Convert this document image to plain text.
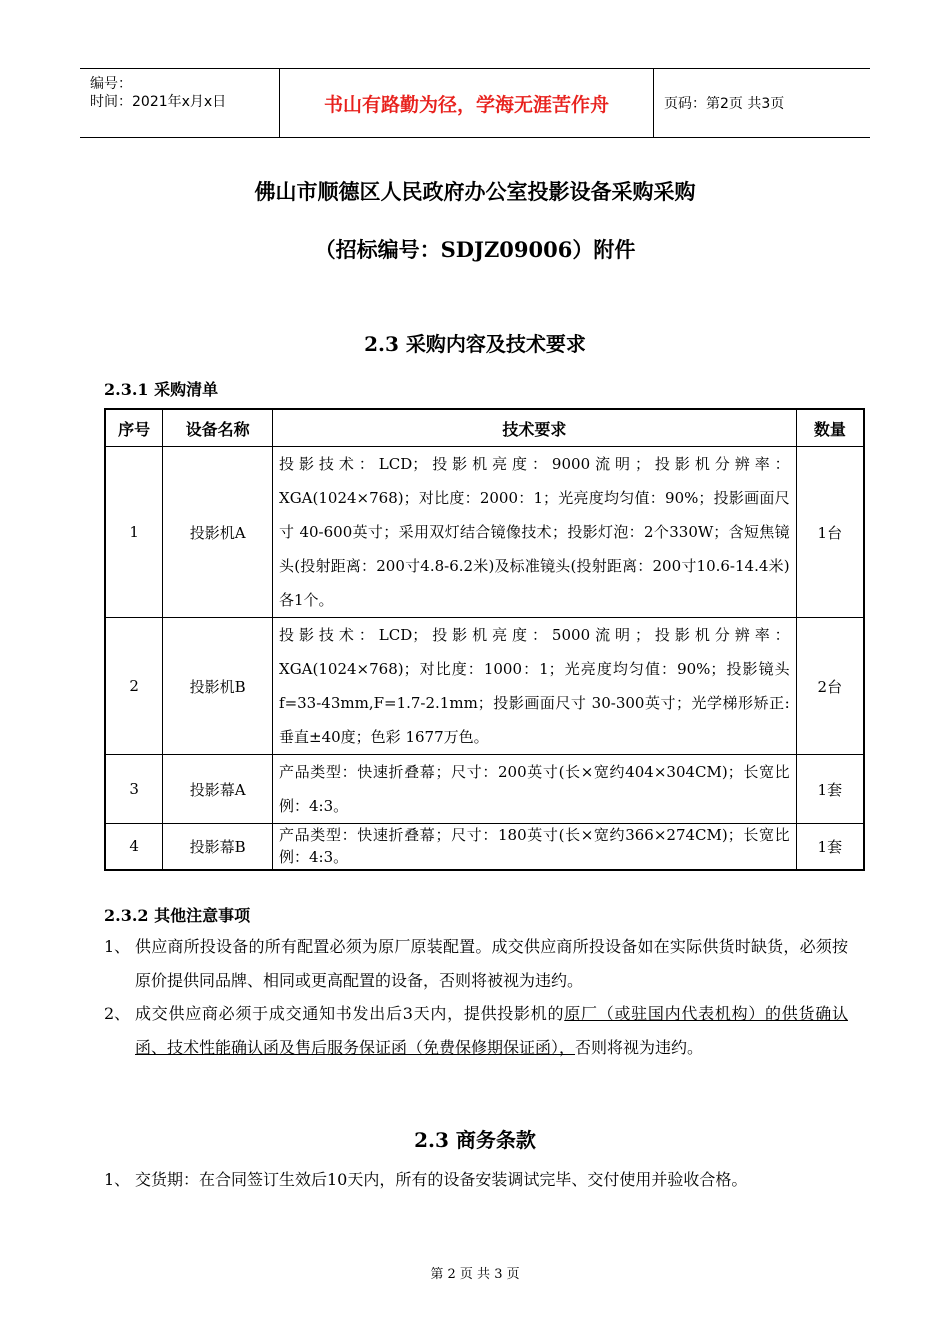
编号：
时间：2021年x月x日	书山有路勤为径，学海无涯苦作舟	页码：第2页 共3页
佛山市顺德区人民政府办公室投影设备采购采购
（招标编号：SDJZ09006）附件
2.3 采购内容及技术要求
2.3.1 采购清单
序号	设备名称	技术要求	数量
1	投影机A	投影技术：LCD；投影机亮度：9000流明；投影机分辨率：XGA(1024×768)；对比度：2000：1；光亮度均匀值：90%；投影画面尺寸 40-600英寸；采用双灯结合镜像技术；投影灯泡：2个330W；含短焦镜头(投射距离：200寸4.8-6.2米)及标准镜头(投射距离：200寸10.6-14.4米)各1个。	1台
2	投影机B	投影技术：LCD；投影机亮度：5000流明；投影机分辨率：XGA(1024×768)；对比度：1000：1；光亮度均匀值：90%；投影镜头 f=33-43mm,F=1.7-2.1mm；投影画面尺寸 30-300英寸；光学梯形矫正:垂直±40度；色彩 1677万色。	2台
3	投影幕A	产品类型：快速折叠幕；尺寸：200英寸(长×宽约404×304CM)；长宽比例：4:3。	1套
4	投影幕B	产品类型：快速折叠幕；尺寸：180英寸(长×宽约366×274CM)；长宽比例：4:3。	1套
2.3.2 其他注意事项
1、 供应商所投设备的所有配置必须为原厂原装配置。成交供应商所投设备如在实际供货时缺货，必须按原价提供同品牌、相同或更高配置的设备，否则将被视为违约。
2、 成交供应商必须于成交通知书发出后3天内，提供投影机的原厂（或驻国内代表机构）的供货确认函、技术性能确认函及售后服务保证函（免费保修期保证函），否则将视为违约。
2.3 商务条款
1、 交货期：在合同签订生效后10天内，所有的设备安装调试完毕、交付使用并验收合格。
第 2 页 共 3 页
